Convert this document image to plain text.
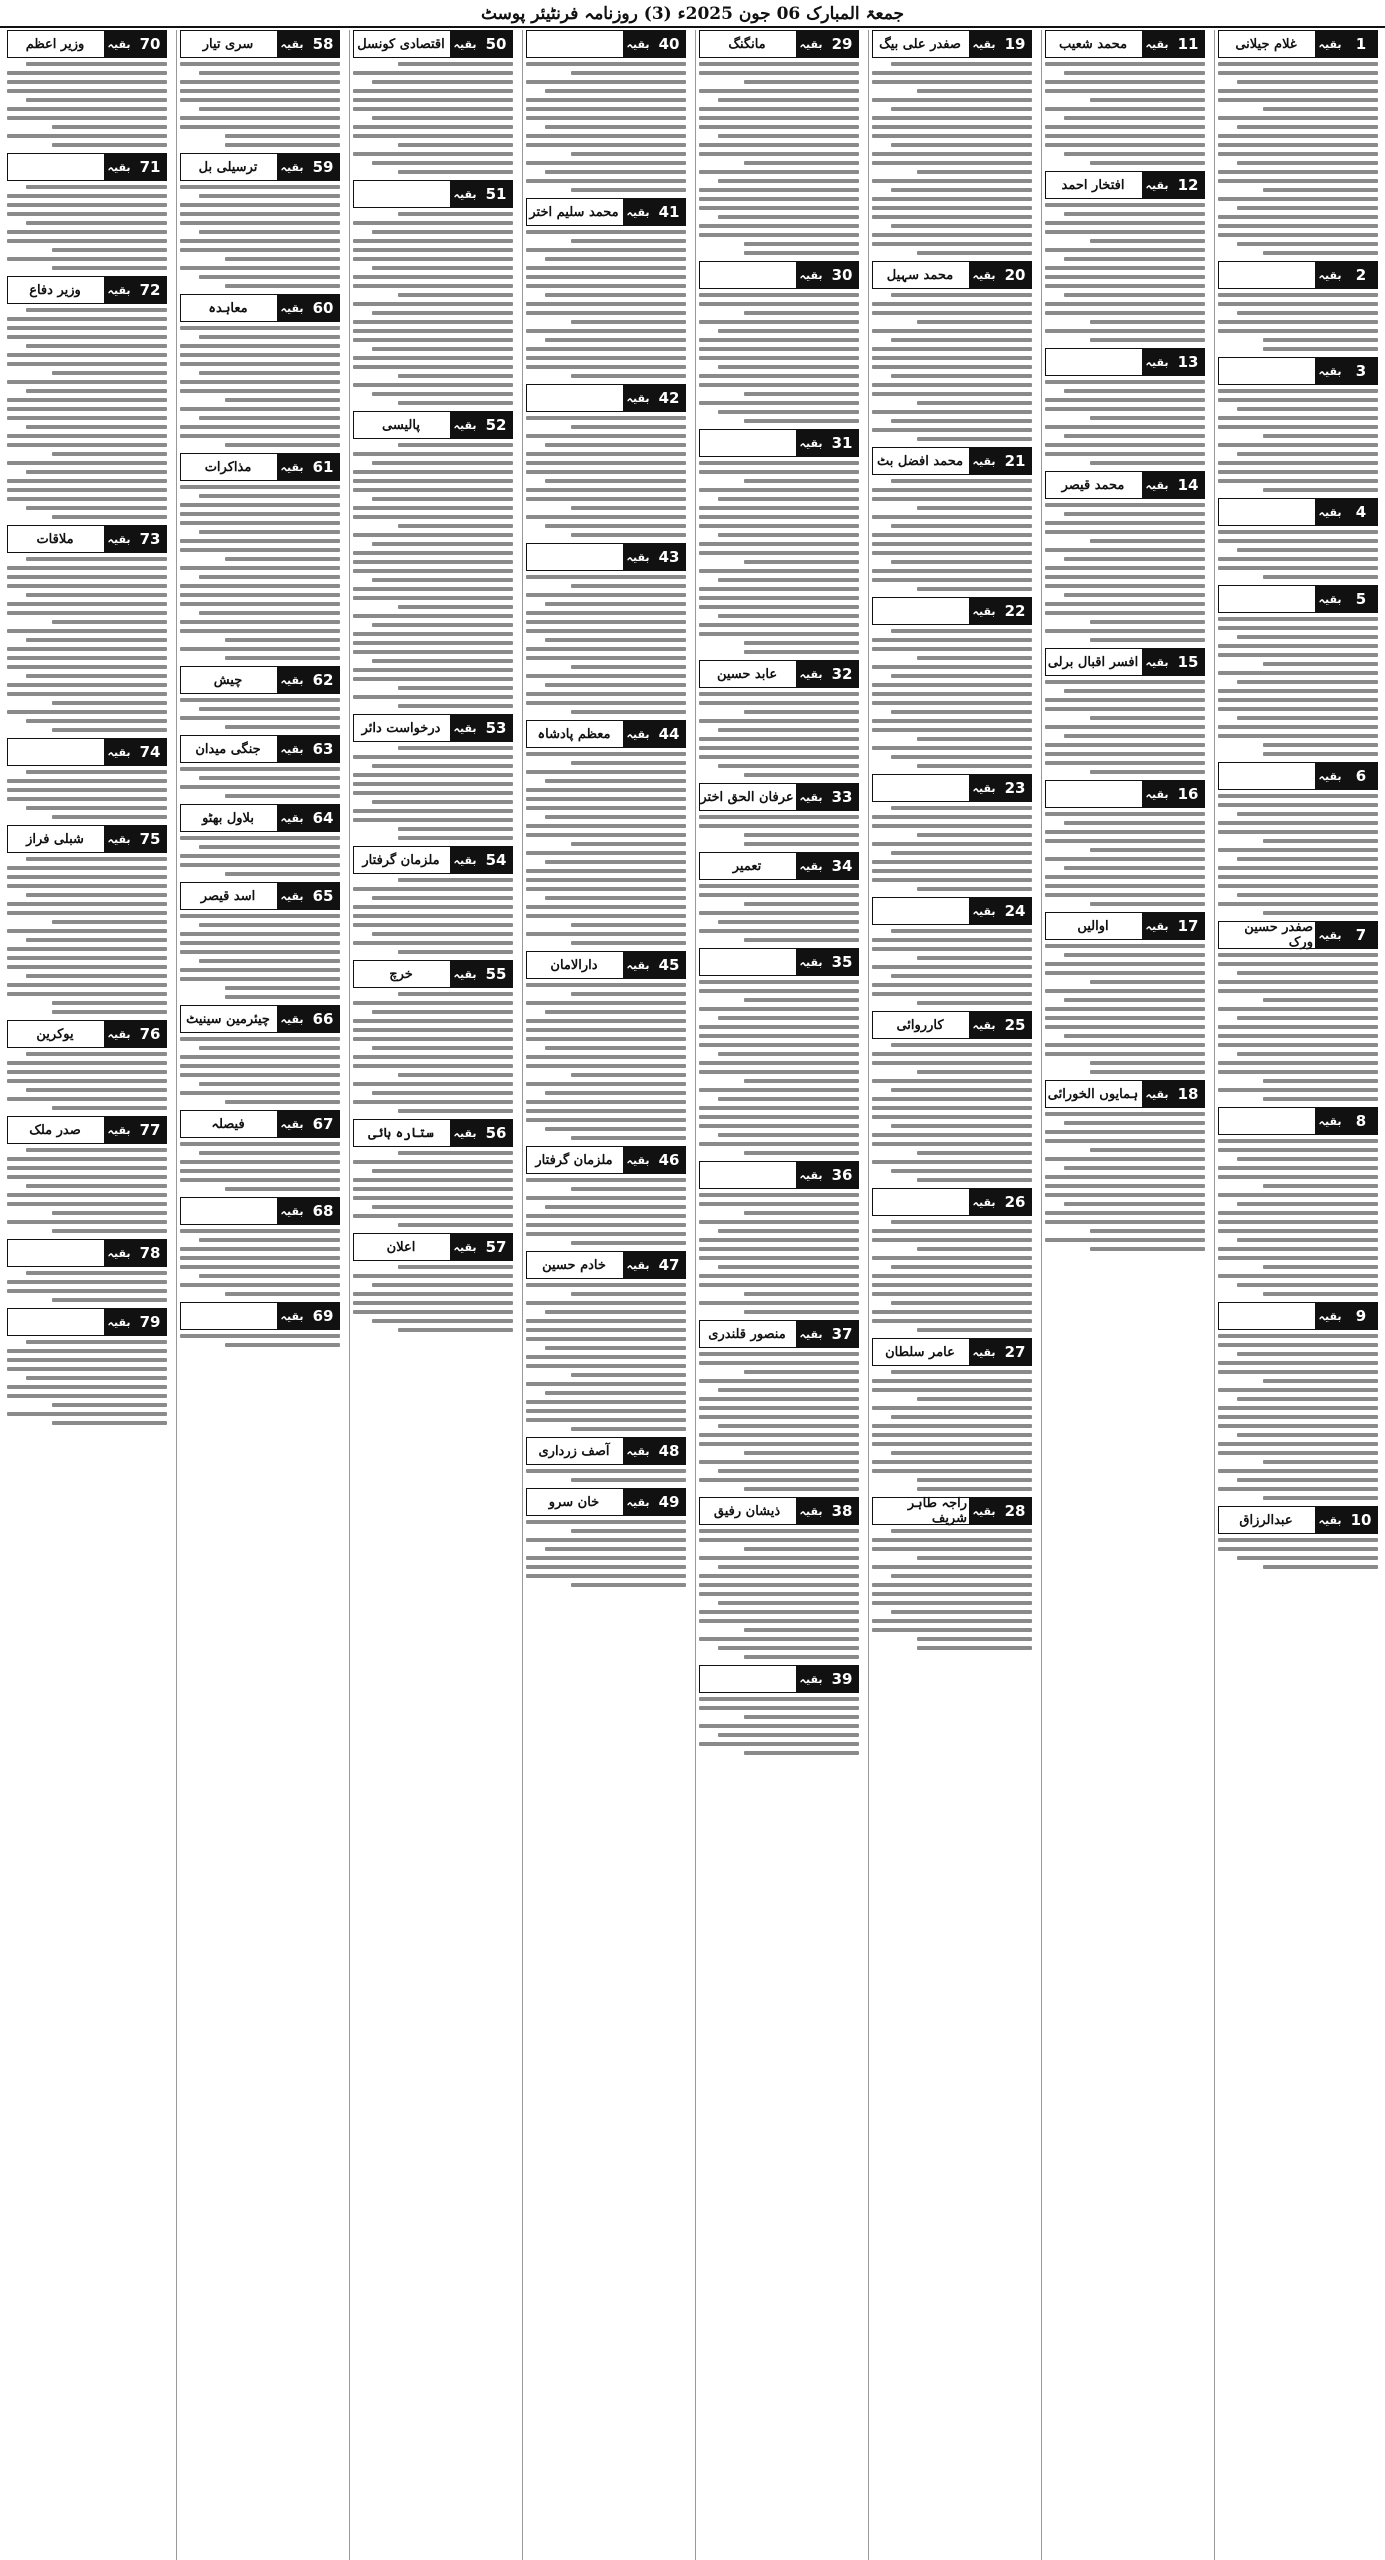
جمعۃ المبارک 06 جون 2025ء (3) روزنامہ فرنٹیئر پوسٹ
1
بقیہ
غلام جیلانی
2
بقیہ
3
بقیہ
4
بقیہ
5
بقیہ
6
بقیہ
7
بقیہ
صفدر حسین ورک
8
بقیہ
9
بقیہ
10
بقیہ
عبدالرزاق
11
بقیہ
محمد شعیب
12
بقیہ
افتخار احمد
13
بقیہ
14
بقیہ
محمد قیصر
15
بقیہ
افسر اقبال برلی
16
بقیہ
17
بقیہ
اوالیں
18
بقیہ
ہمایوں الخورائی
19
بقیہ
صفدر علی بیگ
20
بقیہ
محمد سہیل
21
بقیہ
محمد افضل بٹ
22
بقیہ
23
بقیہ
24
بقیہ
25
بقیہ
کارروائی
26
بقیہ
27
بقیہ
عامر سلطان
28
بقیہ
راجہ طاہر شریف
29
بقیہ
مانگنگ
30
بقیہ
31
بقیہ
32
بقیہ
عابد حسین
33
بقیہ
عرفان الحق اختر
34
بقیہ
تعمیر
35
بقیہ
36
بقیہ
37
بقیہ
منصور قلندری
38
بقیہ
ذیشان رفیق
39
بقیہ
40
بقیہ
41
بقیہ
محمد سلیم اختر
42
بقیہ
43
بقیہ
44
بقیہ
معظم پادشاہ
45
بقیہ
دارالامان
46
بقیہ
ملزمان گرفتار
47
بقیہ
خادم حسین
48
بقیہ
آصف زرداری
49
بقیہ
خان سرو
50
بقیہ
اقتصادی کونسل
51
بقیہ
52
بقیہ
پالیسی
53
بقیہ
درخواست دائر
54
بقیہ
ملزمان گرفتار
55
بقیہ
خرچ
56
بقیہ
ستارہ ہائی
57
بقیہ
اعلان
58
بقیہ
سری تیار
59
بقیہ
ترسیلی بل
60
بقیہ
معاہدہ
61
بقیہ
مذاکرات
62
بقیہ
چیش
63
بقیہ
جنگی میدان
64
بقیہ
بلاول بھٹو
65
بقیہ
اسد قیصر
66
بقیہ
چیئرمین سینیٹ
67
بقیہ
فیصلہ
68
بقیہ
69
بقیہ
70
بقیہ
وزیر اعظم
71
بقیہ
72
بقیہ
وزیر دفاع
73
بقیہ
ملاقات
74
بقیہ
75
بقیہ
شبلی فراز
76
بقیہ
یوکرین
77
بقیہ
صدر ملک
78
بقیہ
79
بقیہ
